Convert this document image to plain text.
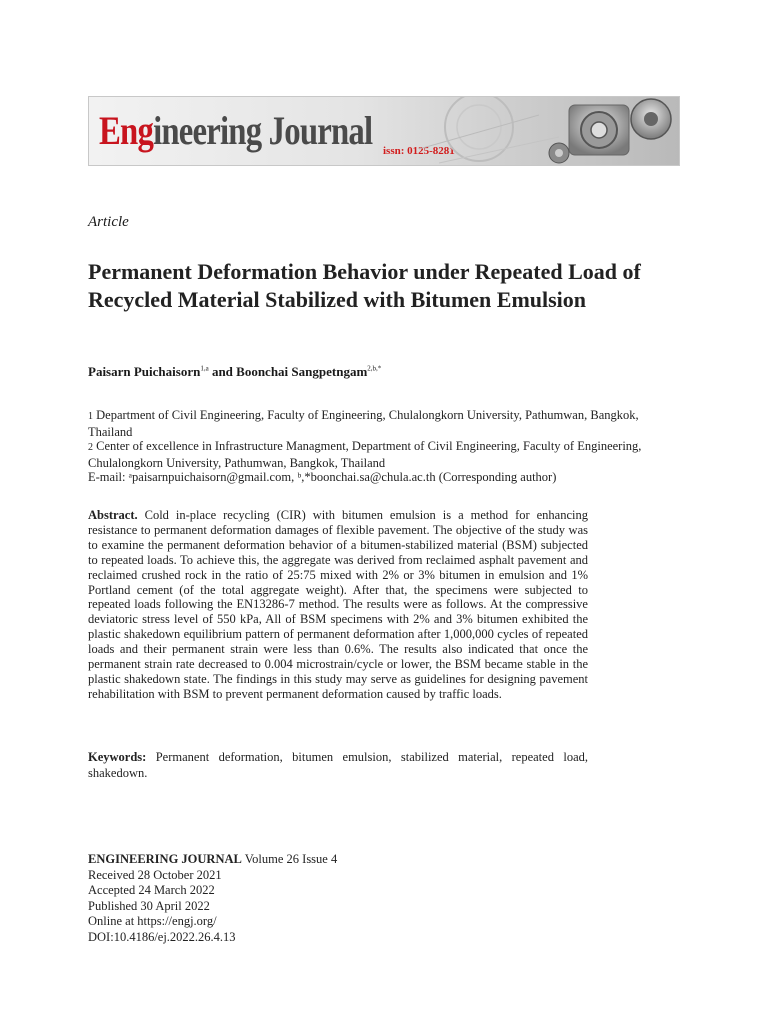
Engineering Journal issn: 0125-8281
Article
Permanent Deformation Behavior under Repeated Load of Recycled Material Stabilized with Bitumen Emulsion
Paisarn Puichaisorn$^{1,a}$ and Boonchai Sangpetngam$^{2,b,*}$
1 Department of Civil Engineering, Faculty of Engineering, Chulalongkorn University, Pathumwan, Bangkok, Thailand
2 Center of excellence in Infrastructure Managment, Department of Civil Engineering, Faculty of Engineering, Chulalongkorn University, Pathumwan, Bangkok, Thailand
E-mail: ᵃpaisarnpuichaisorn@gmail.com, ᵇ,*boonchai.sa@chula.ac.th (Corresponding author)
Abstract. Cold in-place recycling (CIR) with bitumen emulsion is a method for enhancing resistance to permanent deformation damages of flexible pavement. The objective of the study was to examine the permanent deformation behavior of a bitumen-stabilized material (BSM) subjected to repeated loads. To achieve this, the aggregate was derived from reclaimed asphalt pavement and reclaimed crushed rock in the ratio of 25:75 mixed with 2% or 3% bitumen in emulsion and 1% Portland cement (of the total aggregate weight). After that, the specimens were subjected to repeated loads following the EN13286-7 method. The results were as follows. At the compressive deviatoric stress level of 550 kPa, All of BSM specimens with 2% and 3% bitumen exhibited the plastic shakedown equilibrium pattern of permanent deformation after 1,000,000 cycles of repeated loads and their permanent strain were less than 0.6%. The results also indicated that once the permanent strain rate decreased to 0.004 microstrain/cycle or lower, the BSM became stable in the plastic shakedown state. The findings in this study may serve as guidelines for designing pavement rehabilitation with BSM to prevent permanent deformation caused by traffic loads.
Keywords: Permanent deformation, bitumen emulsion, stabilized material, repeated load, shakedown.
ENGINEERING JOURNAL Volume 26 Issue 4
Received 28 October 2021
Accepted 24 March 2022
Published 30 April 2022
Online at https://engj.org/
DOI:10.4186/ej.2022.26.4.13
